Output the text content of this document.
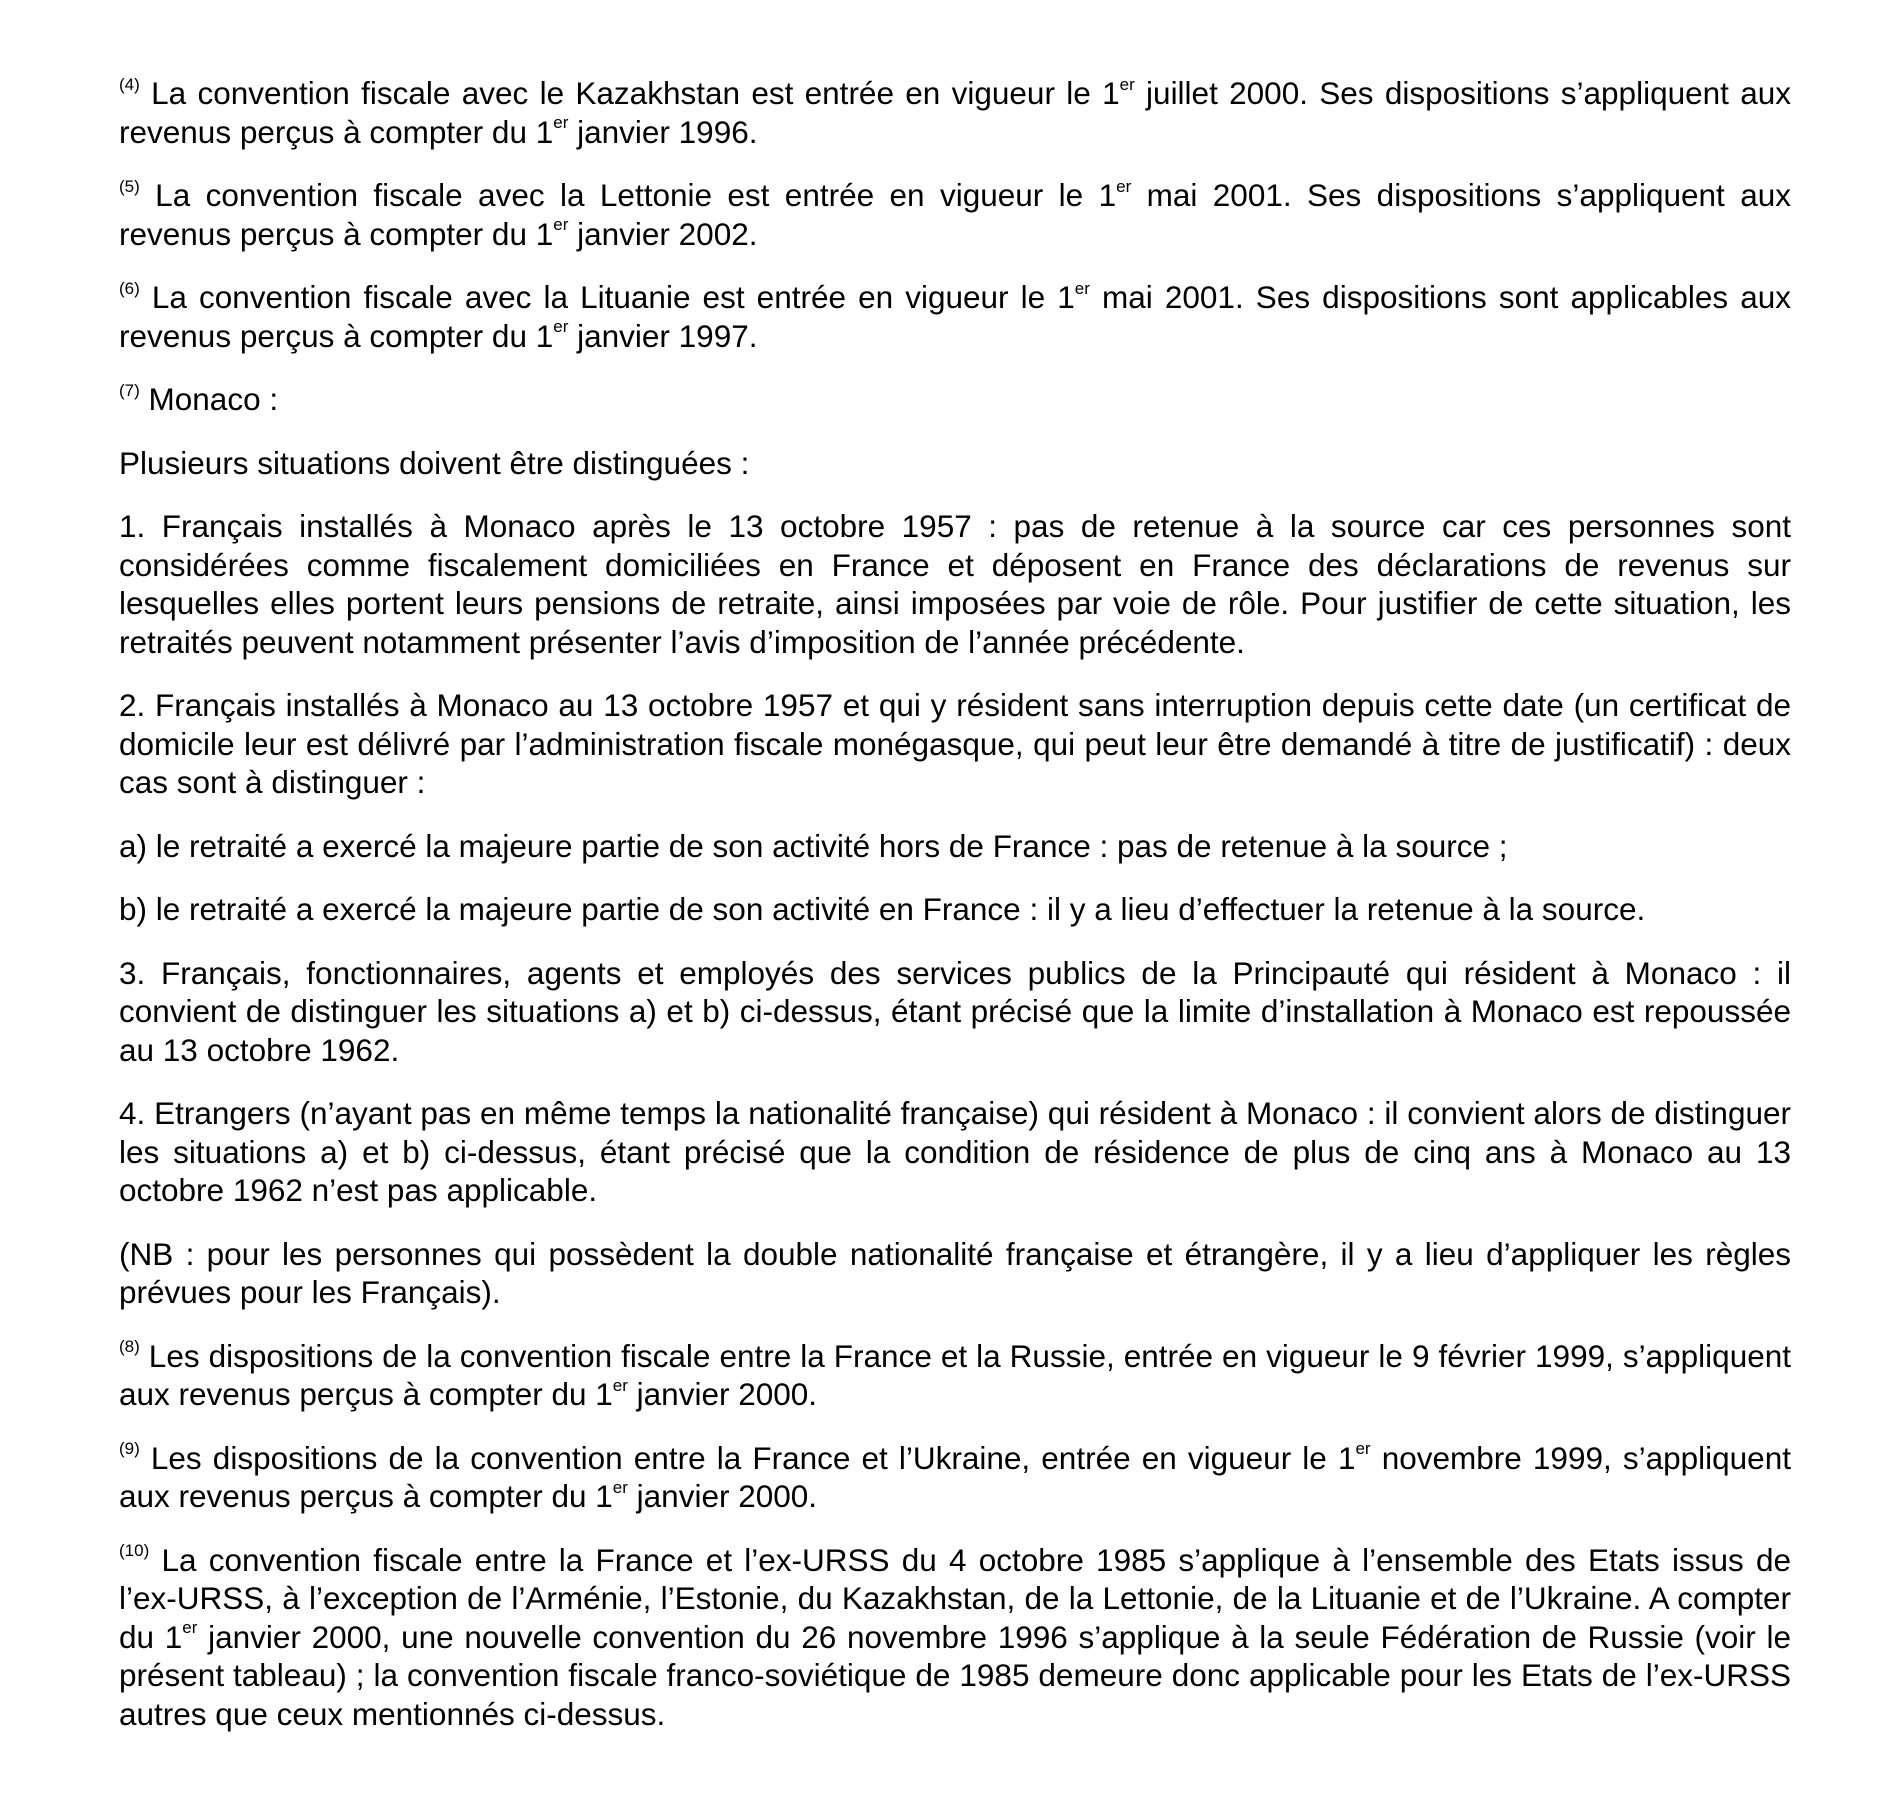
$^{(4)}$ La convention fiscale avec le Kazakhstan est entrée en vigueur le 1er juillet 2000. Ses dispositions s’appliquent aux revenus perçus à compter du 1er janvier 1996.

$^{(5)}$ La convention fiscale avec la Lettonie est entrée en vigueur le 1er mai 2001. Ses dispositions s’appliquent aux revenus perçus à compter du 1er janvier 2002.

$^{(6)}$ La convention fiscale avec la Lituanie est entrée en vigueur le 1er mai 2001. Ses dispositions sont applicables aux revenus perçus à compter du 1er janvier 1997.

$^{(7)}$ Monaco :

Plusieurs situations doivent être distinguées :

1. Français installés à Monaco après le 13 octobre 1957 : pas de retenue à la source car ces personnes sont considérées comme fiscalement domiciliées en France et déposent en France des déclarations de revenus sur lesquelles elles portent leurs pensions de retraite, ainsi imposées par voie de rôle. Pour justifier de cette situation, les retraités peuvent notamment présenter l’avis d’imposition de l’année précédente.

2. Français installés à Monaco au 13 octobre 1957 et qui y résident sans interruption depuis cette date (un certificat de domicile leur est délivré par l’administration fiscale monégasque, qui peut leur être demandé à titre de justificatif) : deux cas sont à distinguer :

a) le retraité a exercé la majeure partie de son activité hors de France : pas de retenue à la source ;

b) le retraité a exercé la majeure partie de son activité en France : il y a lieu d’effectuer la retenue à la source.

3. Français, fonctionnaires, agents et employés des services publics de la Principauté qui résident à Monaco : il convient de distinguer les situations a) et b) ci-dessus, étant précisé que la limite d’installation à Monaco est repoussée au 13 octobre 1962.

4. Etrangers (n’ayant pas en même temps la nationalité française) qui résident à Monaco : il convient alors de distinguer les situations a) et b) ci-dessus, étant précisé que la condition de résidence de plus de cinq ans à Monaco au 13 octobre 1962 n’est pas applicable.

(NB : pour les personnes qui possèdent la double nationalité française et étrangère, il y a lieu d’appliquer les règles prévues pour les Français).

$^{(8)}$ Les dispositions de la convention fiscale entre la France et la Russie, entrée en vigueur le 9 février 1999, s’appliquent aux revenus perçus à compter du 1er janvier 2000.

$^{(9)}$ Les dispositions de la convention entre la France et l’Ukraine, entrée en vigueur le 1er novembre 1999, s’appliquent aux revenus perçus à compter du 1er janvier 2000.

$^{(10)}$ La convention fiscale entre la France et l’ex-URSS du 4 octobre 1985 s’applique à l’ensemble des Etats issus de l’ex-URSS, à l’exception de l’Arménie, l’Estonie, du Kazakhstan, de la Lettonie, de la Lituanie et de l’Ukraine. A compter du 1er janvier 2000, une nouvelle convention du 26 novembre 1996 s’applique à la seule Fédération de Russie (voir le présent tableau) ; la convention fiscale franco-soviétique de 1985 demeure donc applicable pour les Etats de l’ex-URSS autres que ceux mentionnés ci-dessus.
